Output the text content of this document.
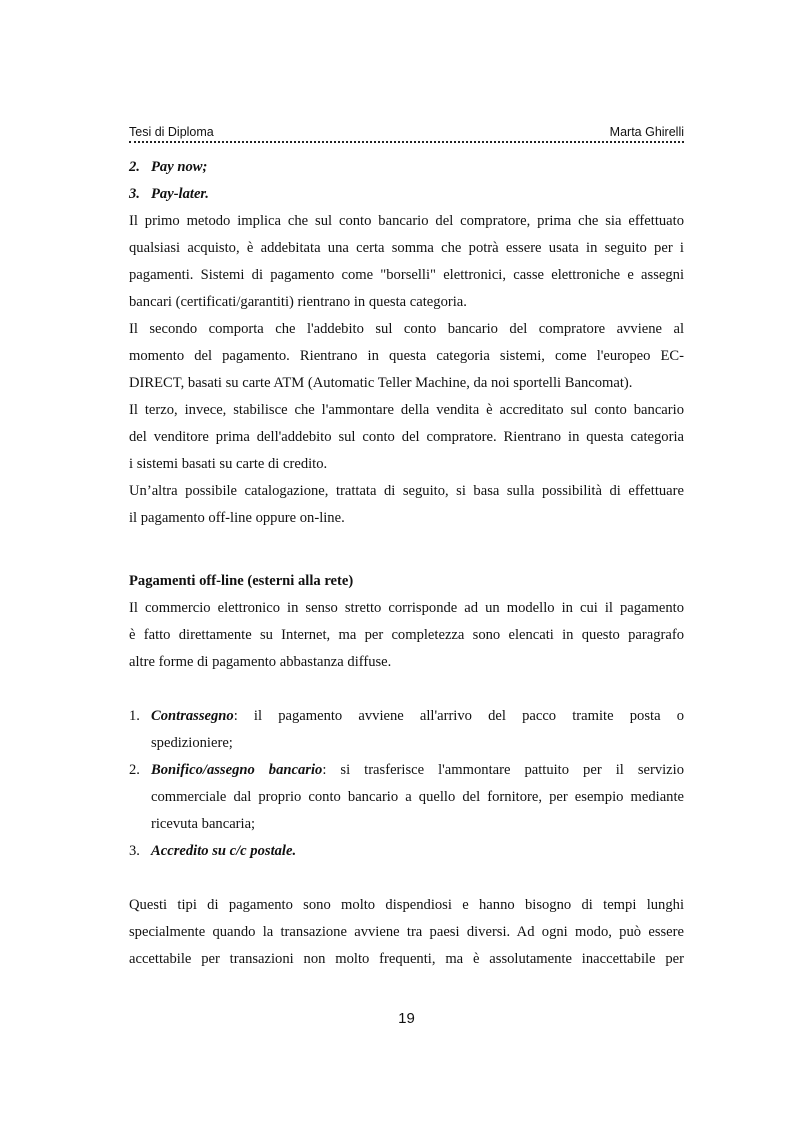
Tesi di Diploma	Marta Ghirelli
2. Pay now;
3. Pay-later.
Il primo metodo implica che sul conto bancario del compratore, prima che sia effettuato
qualsiasi acquisto, è addebitata una certa somma che potrà essere usata in seguito per i
pagamenti. Sistemi di pagamento come "borselli" elettronici, casse elettroniche e assegni
bancari (certificati/garantiti) rientrano in questa categoria.
Il secondo comporta che l'addebito sul conto bancario del compratore avviene al
momento del pagamento. Rientrano in questa categoria sistemi, come l'europeo EC-
DIRECT, basati su carte ATM (Automatic Teller Machine, da noi sportelli Bancomat).
Il terzo, invece, stabilisce che l'ammontare della vendita è accreditato sul conto bancario
del venditore prima dell'addebito sul conto del compratore. Rientrano in questa categoria
i sistemi basati su carte di credito.
Un’altra possibile catalogazione, trattata di seguito, si basa sulla possibilità di effettuare
il pagamento off-line oppure on-line.
Pagamenti off-line (esterni alla rete)
Il commercio elettronico in senso stretto corrisponde ad un modello in cui il pagamento
è fatto direttamente su Internet, ma per completezza sono elencati in questo paragrafo
altre forme di pagamento abbastanza diffuse.
1. Contrassegno: il pagamento avviene all'arrivo del pacco tramite posta o
spedizioniere;
2. Bonifico/assegno bancario: si trasferisce l'ammontare pattuito per il servizio
commerciale dal proprio conto bancario a quello del fornitore, per esempio mediante
ricevuta bancaria;
3. Accredito su c/c postale.
Questi tipi di pagamento sono molto dispendiosi e hanno bisogno di tempi lunghi
specialmente quando la transazione avviene tra paesi diversi. Ad ogni modo, può essere
accettabile per transazioni non molto frequenti, ma è assolutamente inaccettabile per
19
